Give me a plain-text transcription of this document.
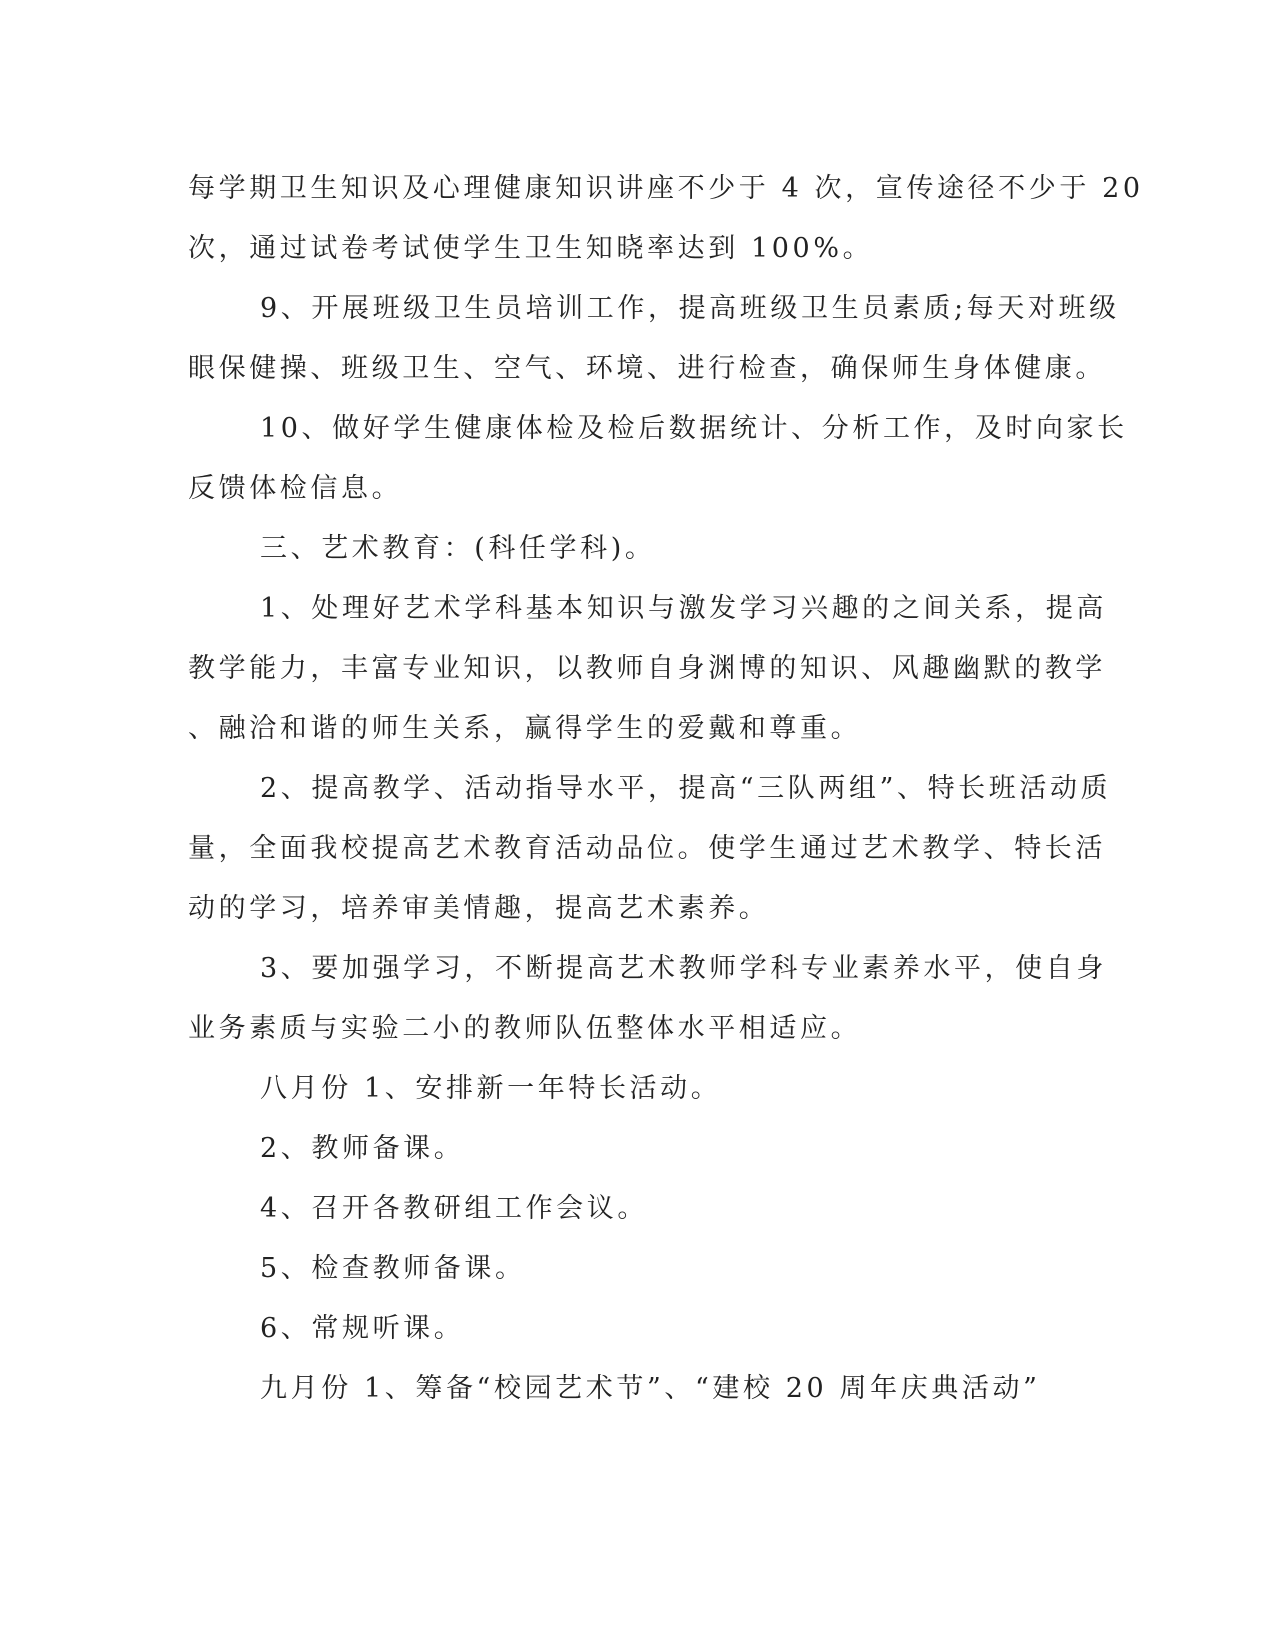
每学期卫生知识及心理健康知识讲座不少于 4 次，宣传途径不少于 20
次，通过试卷考试使学生卫生知晓率达到 100%。
9、开展班级卫生员培训工作，提高班级卫生员素质;每天对班级
眼保健操、班级卫生、空气、环境、进行检查，确保师生身体健康。
10、做好学生健康体检及检后数据统计、分析工作，及时向家长
反馈体检信息。
三、艺术教育：(科任学科)。
1、处理好艺术学科基本知识与激发学习兴趣的之间关系，提高
教学能力，丰富专业知识，以教师自身渊博的知识、风趣幽默的教学
、融洽和谐的师生关系，赢得学生的爱戴和尊重。
2、提高教学、活动指导水平，提高“三队两组”、特长班活动质
量，全面我校提高艺术教育活动品位。使学生通过艺术教学、特长活
动的学习，培养审美情趣，提高艺术素养。
3、要加强学习，不断提高艺术教师学科专业素养水平，使自身
业务素质与实验二小的教师队伍整体水平相适应。
八月份 1、安排新一年特长活动。
2、教师备课。
4、召开各教研组工作会议。
5、检查教师备课。
6、常规听课。
九月份 1、筹备“校园艺术节”、“建校 20 周年庆典活动”
